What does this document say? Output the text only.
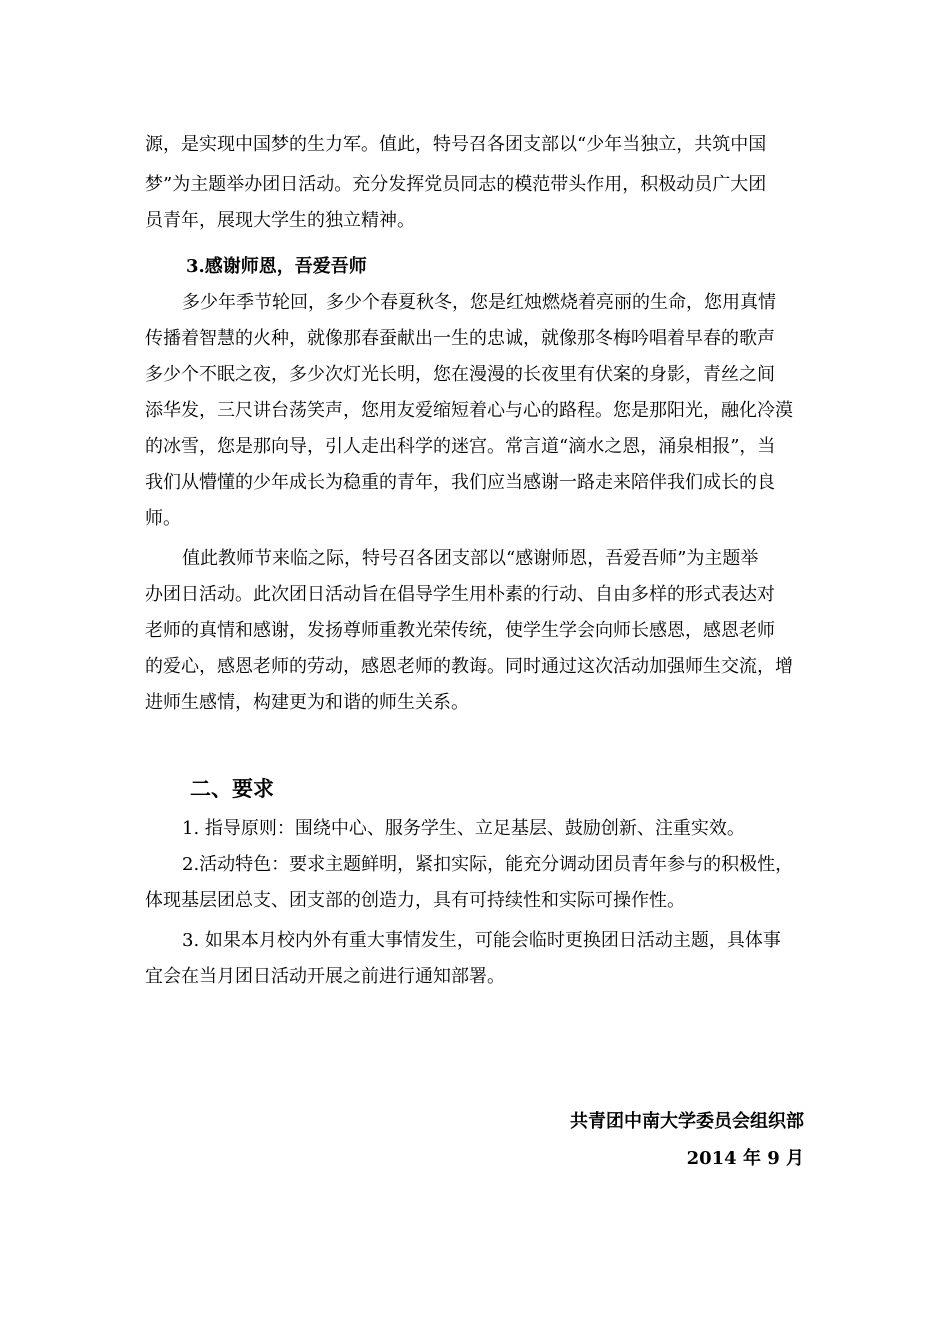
源，是实现中国梦的生力军。值此，特号召各团支部以“少年当独立，共筑中国
梦”为主题举办团日活动。充分发挥党员同志的模范带头作用，积极动员广大团
员青年，展现大学生的独立精神。
3.感谢师恩，吾爱吾师
多少年季节轮回，多少个春夏秋冬，您是红烛燃烧着亮丽的生命，您用真情
传播着智慧的火种，就像那春蚕献出一生的忠诚，就像那冬梅吟唱着早春的歌声
多少个不眠之夜，多少次灯光长明，您在漫漫的长夜里有伏案的身影，青丝之间
添华发，三尺讲台荡笑声，您用友爱缩短着心与心的路程。您是那阳光，融化冷漠
的冰雪，您是那向导，引人走出科学的迷宫。常言道“滴水之恩，涌泉相报”，当
我们从懵懂的少年成长为稳重的青年，我们应当感谢一路走来陪伴我们成长的良
师。
值此教师节来临之际，特号召各团支部以“感谢师恩，吾爱吾师”为主题举
办团日活动。此次团日活动旨在倡导学生用朴素的行动、自由多样的形式表达对
老师的真情和感谢，发扬尊师重教光荣传统，使学生学会向师长感恩，感恩老师
的爱心，感恩老师的劳动，感恩老师的教诲。同时通过这次活动加强师生交流，增
进师生感情，构建更为和谐的师生关系。
二、要求
1. 指导原则：围绕中心、服务学生、立足基层、鼓励创新、注重实效。
2.活动特色：要求主题鲜明，紧扣实际，能充分调动团员青年参与的积极性，
体现基层团总支、团支部的创造力，具有可持续性和实际可操作性。
3. 如果本月校内外有重大事情发生，可能会临时更换团日活动主题，具体事
宜会在当月团日活动开展之前进行通知部署。
共青团中南大学委员会组织部
2014 年 9 月
